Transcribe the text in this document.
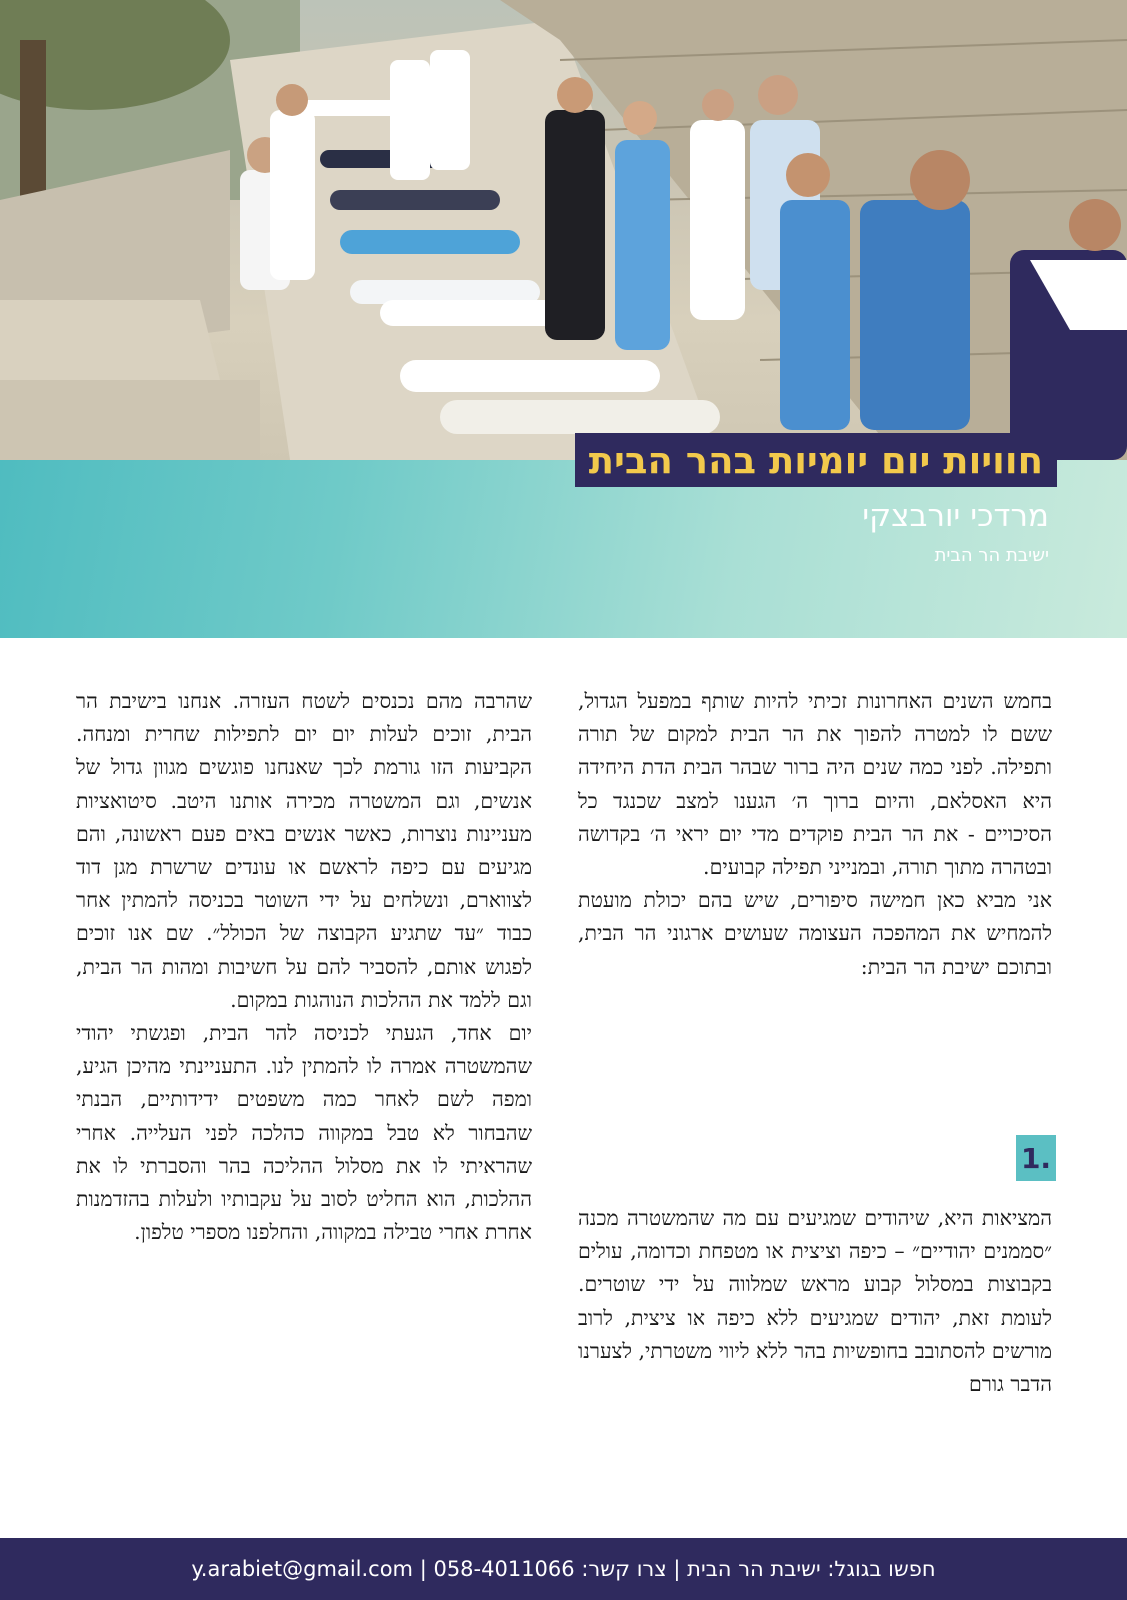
חוויות יום יומיות בהר הבית
מרדכי יורבצקי
ישיבת הר הבית

בחמש השנים האחרונות זכיתי להיות שותף במפעל הגדול, ששם לו למטרה להפוך את הר הבית למקום של תורה ותפילה. לפני כמה שנים היה ברור שבהר הבית הדת היחידה היא האסלאם, והיום ברוך ה׳ הגענו למצב שכנגד כל הסיכויים - את הר הבית פוקדים מדי יום יראי ה׳ בקדושה ובטהרה מתוך תורה, ובמנייני תפילה קבועים.

אני מביא כאן חמישה סיפורים, שיש בהם יכולת מועטת להמחיש את המהפכה העצומה שעושים ארגוני הר הבית, ובתוכם ישיבת הר הבית:

1.

המציאות היא, שיהודים שמגיעים עם מה שהמשטרה מכנה ״סממנים יהודיים״ – כיפה וציצית או מטפחת וכדומה, עולים בקבוצות במסלול קבוע מראש שמלווה על ידי שוטרים. לעומת זאת, יהודים שמגיעים ללא כיפה או ציצית, לרוב מורשים להסתובב בחופשיות בהר ללא ליווי משטרתי, לצערנו הדבר גורם

שהרבה מהם נכנסים לשטח העזרה. אנחנו בישיבת הר הבית, זוכים לעלות יום יום לתפילות שחרית ומנחה. הקביעות הזו גורמת לכך שאנחנו פוגשים מגוון גדול של אנשים, וגם המשטרה מכירה אותנו היטב. סיטואציות מעניינות נוצרות, כאשר אנשים באים פעם ראשונה, והם מגיעים עם כיפה לראשם או עונדים שרשרת מגן דוד לצווארם, ונשלחים על ידי השוטר בכניסה להמתין אחר כבוד ״עד שתגיע הקבוצה של הכולל״. שם אנו זוכים לפגוש אותם, להסביר להם על חשיבות ומהות הר הבית, וגם ללמד את ההלכות הנוהגות במקום.

יום אחד, הגעתי לכניסה להר הבית, ופגשתי יהודי שהמשטרה אמרה לו להמתין לנו. התעניינתי מהיכן הגיע, ומפה לשם לאחר כמה משפטים ידידותיים, הבנתי שהבחור לא טבל במקווה כהלכה לפני העלייה. אחרי שהראיתי לו את מסלול ההליכה בהר והסברתי לו את ההלכות, הוא החליט לסוב על עקבותיו ולעלות בהזדמנות אחרת אחרי טבילה במקווה, והחלפנו מספרי טלפון.

חפשו בגוגל: ישיבת הר הבית | צרו קשר: 058-4011066 | y.arabiet@gmail.com
